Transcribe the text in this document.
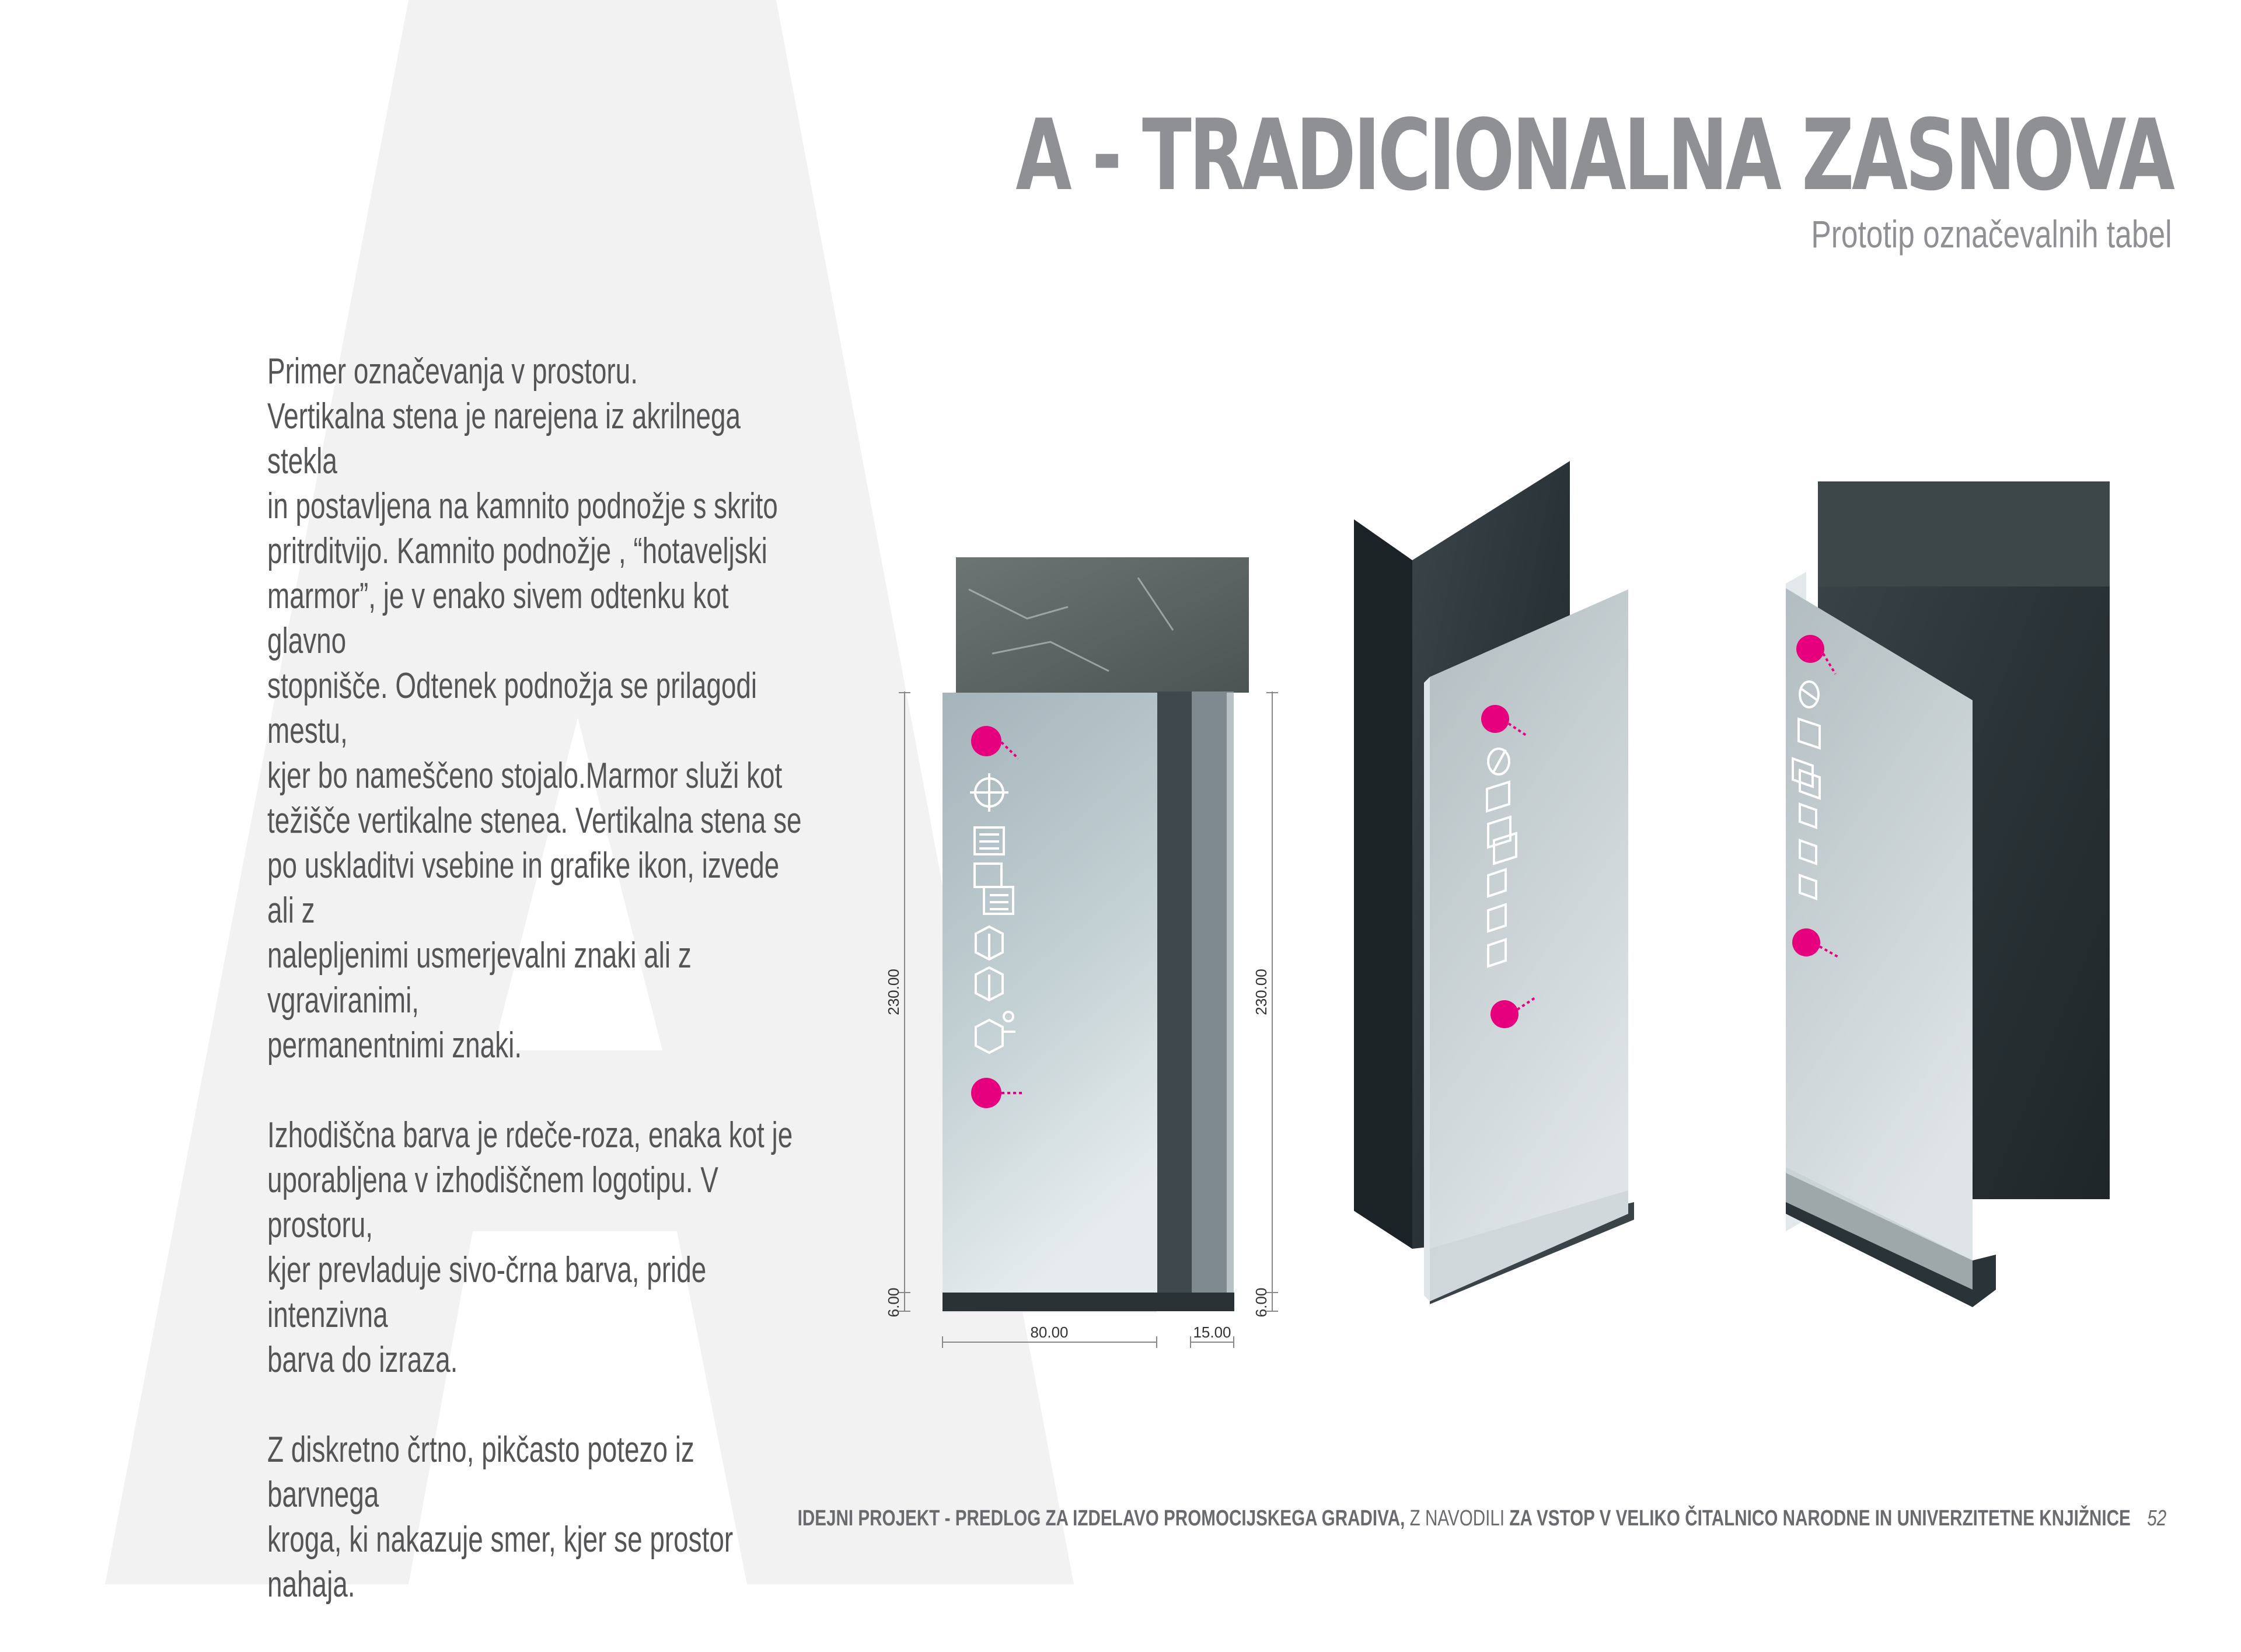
A - TRADICIONALNA ZASNOVA
Prototip označevalnih tabel

Primer označevanja v prostoru.
Vertikalna stena je narejena iz akrilnega stekla
in postavljena na kamnito podnožje s skrito
pritrditvijo. Kamnito podnožje , “hotaveljski
marmor”, je v enako sivem odtenku kot glavno
stopnišče. Odtenek podnožja se prilagodi mestu,
kjer bo nameščeno stojalo.Marmor služi kot
težišče vertikalne stenea. Vertikalna stena se
po uskladitvi vsebine in grafike ikon, izvede ali z
nalepljenimi usmerjevalni znaki ali z vgraviranimi,
permanentnimi znaki.

Izhodiščna barva je rdeče-roza, enaka kot je
uporabljena v izhodiščnem logotipu. V prostoru,
kjer prevladuje sivo-črna barva, pride intenzivna
barva do izraza.

Z diskretno črtno, pikčasto potezo iz barvnega
kroga, ki nakazuje smer, kjer se prostor nahaja.

230.00
6.00
230.00
6.00
80.00	15.00
IDEJNI PROJEKT - PREDLOG ZA IZDELAVO PROMOCIJSKEGA GRADIVA, Z NAVODILI ZA VSTOP V VELIKO ČITALNICO NARODNE IN UNIVERZITETNE KNJIŽNICE 52
